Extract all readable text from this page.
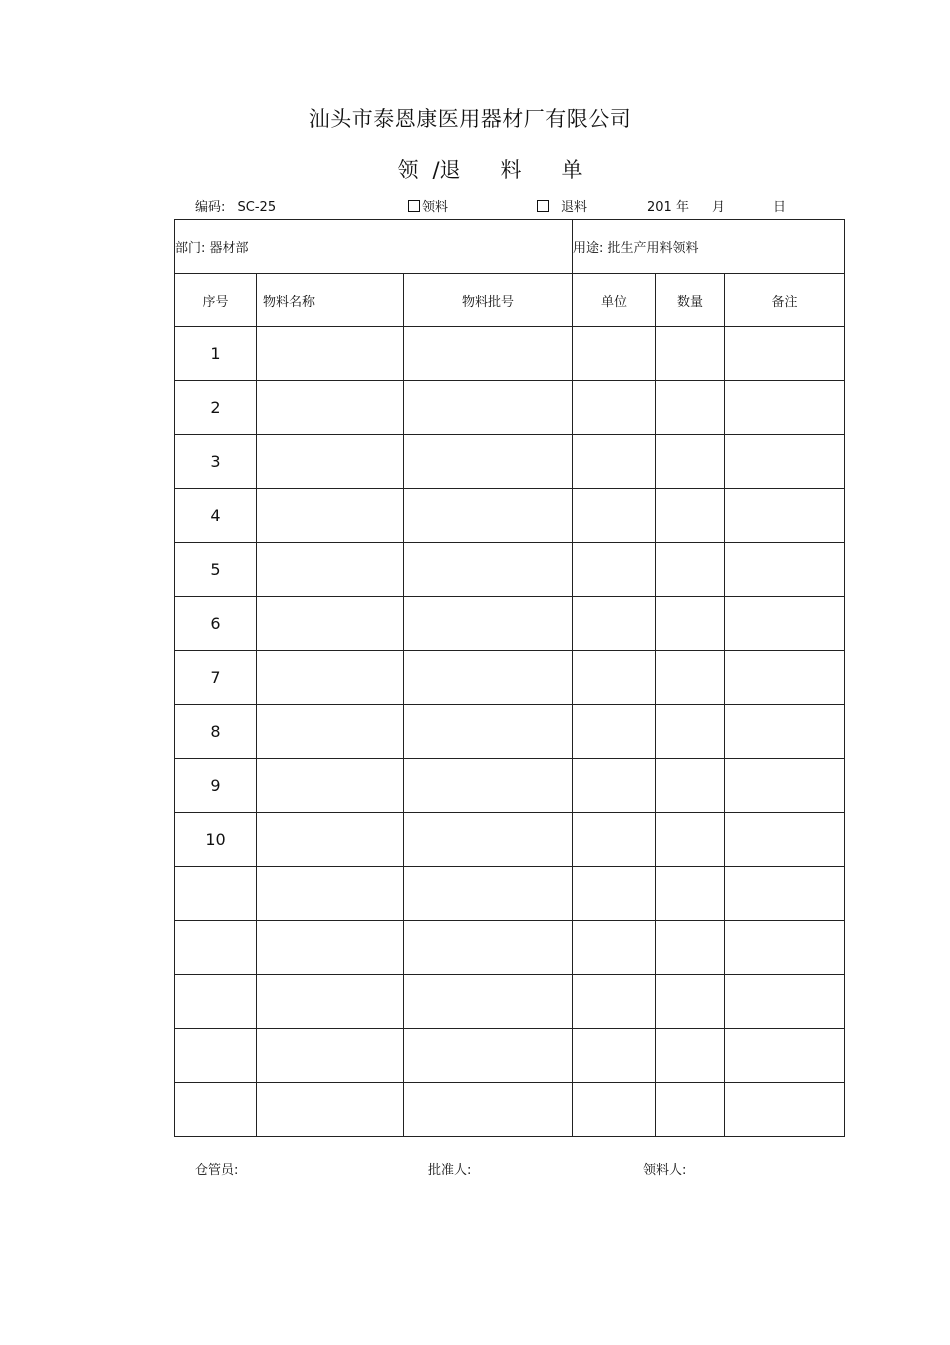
汕头市泰恩康医用器材厂有限公司
领 /退 料 单
编码: SC-25	领料	退料	201 年 月	日
部门: 器材部			用途: 批生产用料领料		
序号	物料名称	物料批号	单位	数量	备注
1					
2					
3					
4					
5					
6					
7					
8					
9					
10					

仓管员:	批准人:	领料人:
